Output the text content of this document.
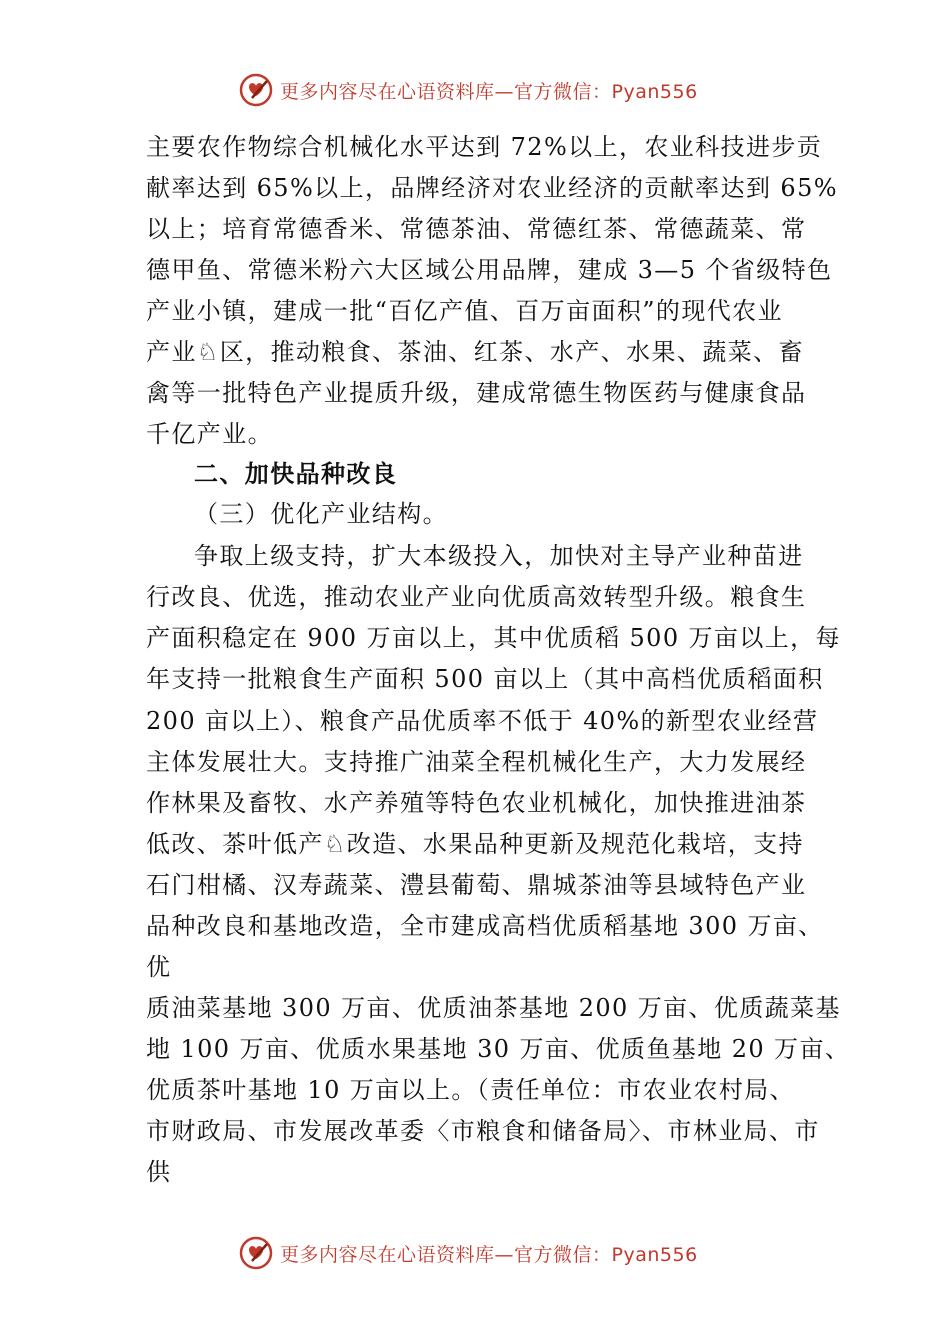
更多内容尽在心语资料库—官方微信：Pyan556
主要农作物综合机械化水平达到 72%以上，农业科技进步贡
献率达到 65%以上，品牌经济对农业经济的贡献率达到 65%
以上；培育常德香米、常德茶油、常德红茶、常德蔬菜、常
德甲鱼、常德米粉六大区域公用品牌，建成 3—5 个省级特色
产业小镇，建成一批“百亿产值、百万亩面积”的现代农业
产业♘区，推动粮食、茶油、红茶、水产、水果、蔬菜、畜
禽等一批特色产业提质升级，建成常德生物医药与健康食品
千亿产业。
二、加快品种改良
（三）优化产业结构。
争取上级支持，扩大本级投入，加快对主导产业种苗进
行改良、优选，推动农业产业向优质高效转型升级。粮食生
产面积稳定在 900 万亩以上，其中优质稻 500 万亩以上，每
年支持一批粮食生产面积 500 亩以上（其中高档优质稻面积
200 亩以上）、粮食产品优质率不低于 40%的新型农业经营
主体发展壮大。支持推广油菜全程机械化生产，大力发展经
作林果及畜牧、水产养殖等特色农业机械化，加快推进油茶
低改、茶叶低产♘改造、水果品种更新及规范化栽培，支持
石门柑橘、汉寿蔬菜、澧县葡萄、鼎城茶油等县域特色产业
品种改良和基地改造，全市建成高档优质稻基地 300 万亩、
优
质油菜基地 300 万亩、优质油茶基地 200 万亩、优质蔬菜基
地 100 万亩、优质水果基地 30 万亩、优质鱼基地 20 万亩、
优质茶叶基地 10 万亩以上。（责任单位：市农业农村局、
市财政局、市发展改革委〈市粮食和储备局〉、市林业局、市
供
更多内容尽在心语资料库—官方微信：Pyan556
